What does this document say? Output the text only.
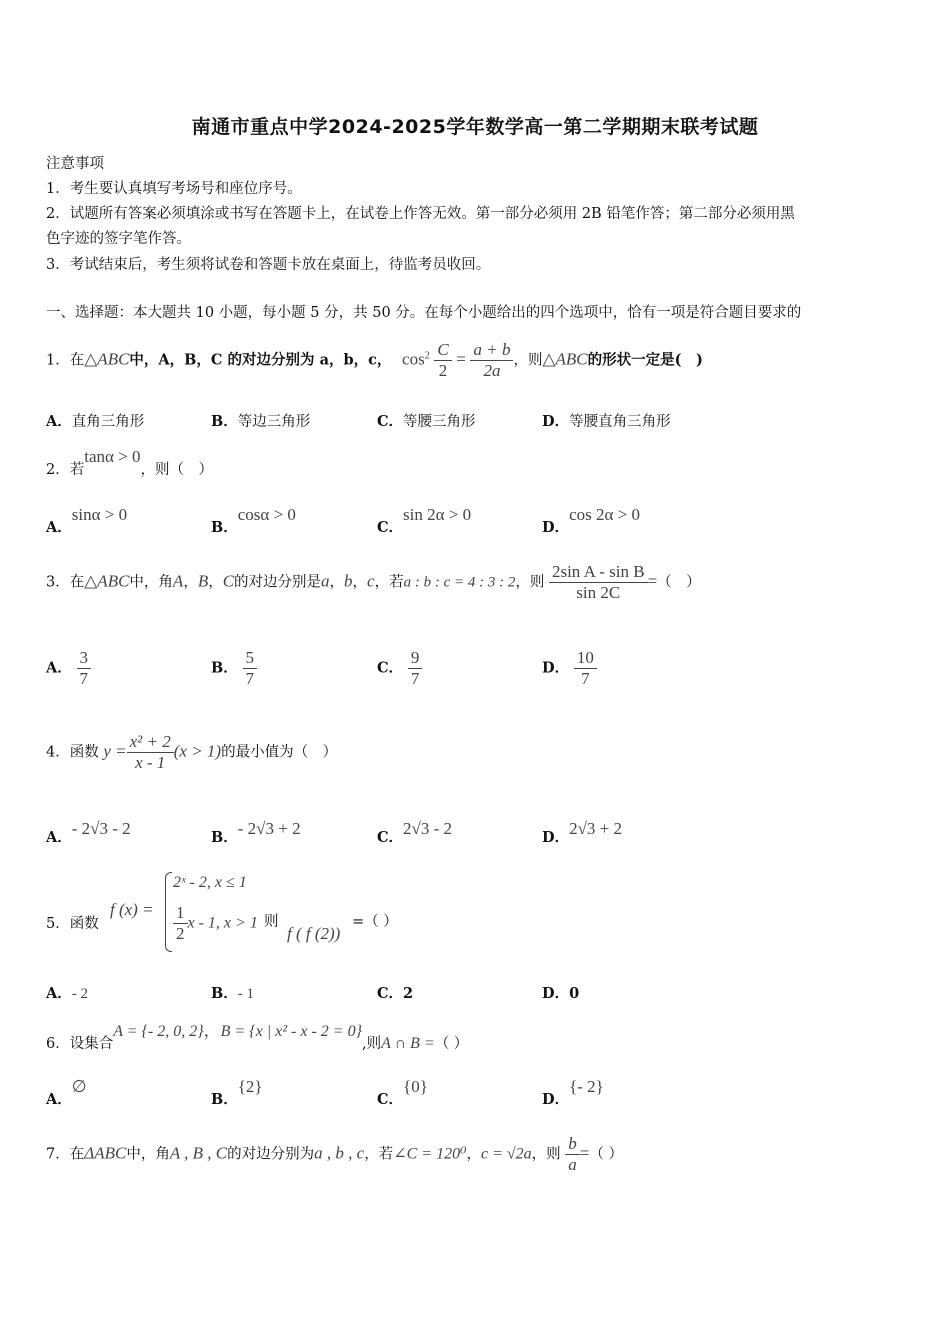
南通市重点中学2024-2025学年数学高一第二学期期末联考试题
注意事项
1．考生要认真填写考场号和座位序号。
2．试题所有答案必须填涂或书写在答题卡上，在试卷上作答无效。第一部分必须用 2B 铅笔作答；第二部分必须用黑
色字迹的签字笔作答。
3．考试结束后，考生须将试卷和答题卡放在桌面上，待监考员收回。
一、选择题：本大题共 10 小题，每小题 5 分，共 50 分。在每个小题给出的四个选项中，恰有一项是符合题目要求的
1．在△ABC中，A，B，C 的对边分别为 a，b，c， $\cos^2 \frac{C}{2} = \frac{a + b}{2a}$ ，则△ABC的形状一定是(　)
A．直角三角形	B．等边三角形	C．等腰三角形	D．等腰直角三角形
2．若tanα > 0，则（　）
A．sinα > 0
B．cosα > 0
C．sin 2α > 0
D．cos 2α > 0
3．在△ABC中，角A，B，C的对边分别是a，b，c，若a : b : c = 4 : 3 : 2，则 $\frac{\text{2sin A - sin B}}{\sin 2C}$ =（　）
A． $\frac{3}{7}$	B． $\frac{5}{7}$	C． $\frac{9}{7}$	D． $\frac{10}{7}$
4．函数 $y = \frac{\text{x² + 2}}{x - 1} (x > 1)$的最小值为（　）
A．- 2√3 - 2	B．- 2√3 + 2	C．2√3 - 2	D．2√3 + 2
5．函数
f (x) =
2ˣ - 2, x ≤ 1
$\frac{1}{2}$ x - 1, x > 1 则
f ( f (2))
=（ ）
A．- 2	B．- 1	C．2	D．0
6．设集合A = {- 2, 0, 2}，B = {x | x² - x - 2 = 0},则A ∩ B =（ ）
A．∅
B．{2}
C．{0}
D．{- 2}
7．在ΔABC中，角A , B , C的对边分别为a , b , c，若∠C = 120⁰，c = √2a，则 $\frac{b}{a}$ =（ ）
